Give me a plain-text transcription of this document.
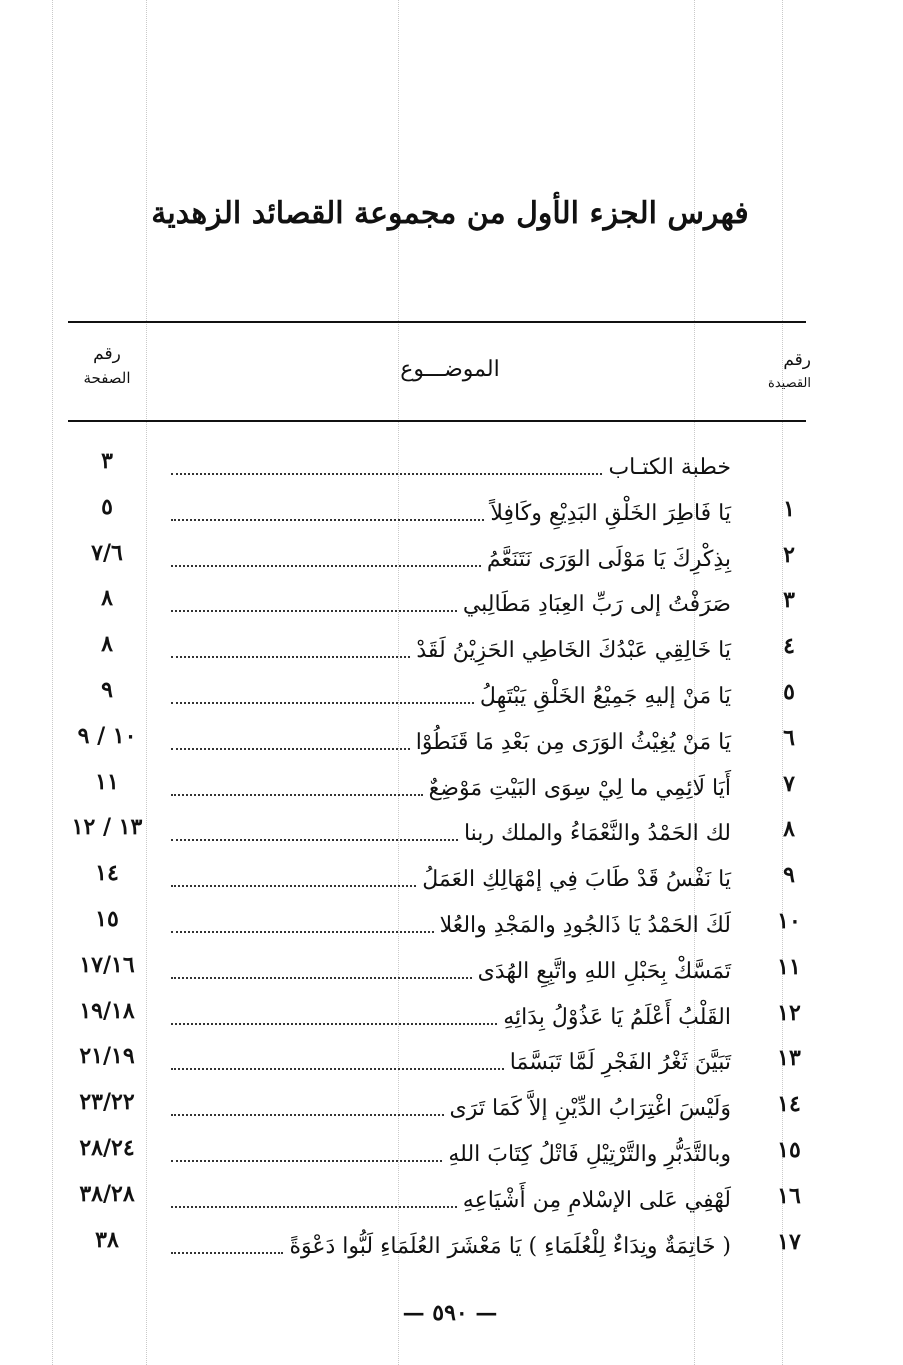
فهرس الجزء الأول من مجموعة القصائد الزهدية
رقم
القصيدة
الموضـــوع
رقم
الصفحة
خطبة الكتـاب
٣
١
يَا فَاطِرَ الخَلْقِ البَدِيْعِ وكَافِلاً
٥
٢
بِذِكْرِكَ يَا مَوْلَى الوَرَى نَتَنَعَّمُ
٧/٦
٣
صَرَفْتُ إلى رَبِّ العِبَادِ مَطَالِبي
٨
٤
يَا خَالِقِي عَبْدُكَ الخَاطِي الحَزِيْنُ لَقَدْ
٨
٥
يَا مَنْ إليهِ جَمِيْعُ الخَلْقِ يَبْتَهِلُ
٩
٦
يَا مَنْ يُغِيْثُ الوَرَى مِن بَعْدِ مَا قَنَطُوْا
١٠ / ٩
٧
أَيَا لَائِمِي ما لِيْ سِوَى البَيْتِ مَوْضِعٌ
١١
٨
لك الحَمْدُ والنَّعْمَاءُ والملك ربنا
١٣ / ١٢
٩
يَا نَفْسُ قَدْ طَابَ فِي إمْهَالِكِ العَمَلُ
١٤
١٠
لَكَ الحَمْدُ يَا ذَالجُودِ والمَجْدِ والعُلا
١٥
١١
تَمَسَّكْ بِحَبْلِ اللهِ واتَّبِعِ الهُدَى
١٧/١٦
١٢
القَلْبُ أَعْلَمُ يَا عَذُوْلُ بِدَائِهِ
١٩/١٨
١٣
تَبَيَّنَ ثَغْرُ الفَجْرِ لَمَّا تَبَسَّمَا
٢١/١٩
١٤
وَلَيْسَ اغْتِرَابُ الدِّيْنِ إلاَّ كَمَا تَرَى
٢٣/٢٢
١٥
وبالتَّدَبُّرِ والتَّرْتِيْلِ فَاتْلُ كِتَابَ اللهِ
٢٨/٢٤
١٦
لَهْفِي عَلى الإسْلامِ مِن أَشْيَاعِهِ
٣٨/٢٨
١٧
( خَاتِمَةٌ ونِدَاءٌ لِلْعُلَمَاءِ ) يَا مَعْشَرَ العُلَمَاءِ لَبُّوا دَعْوَةً
٣٨
— ٥٩٠ —
